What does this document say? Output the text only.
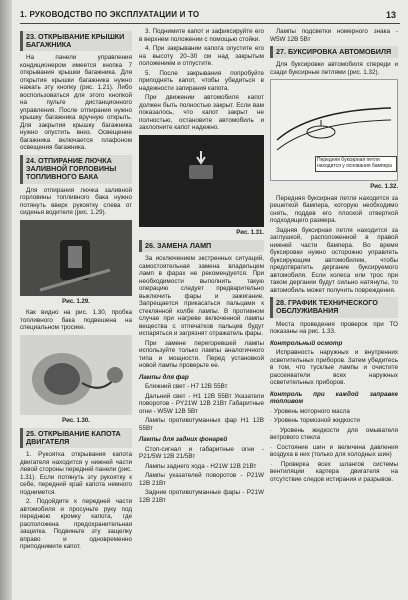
1. РУКОВОДСТВО ПО ЭКСПЛУАТАЦИИ И ТО	13
23. ОТКРЫВАНИЕ КРЫШКИ БАГАЖНИКА

На панели управления кондиционером имеется кнопка 7 открывания крышки багажника. Для открытия крышки багажника нужно нажать эту кнопку (рис. 1.21). Либо воспользоваться для этого кнопкой на пульте дистанционного управления. После отпирания нужно крышку багажника вручную открыть. Для закрытия крышку багажника нужно опустить вниз. Освещение багажника включается плафоном освещения багажника.

24. ОТПИРАНИЕ ЛЮЧКА ЗАЛИВНОЙ ГОРЛОВИНЫ ТОПЛИВНОГО БАКА

Для отпирания лючка заливной горловины топливного бака нужно потянуть вверх рукоятку слева от сиденья водителя (рис. 1.29).

Рис. 1.29.

Как видно на рис. 1.30, пробка топливного бака подвешена на специальном тросике.

Рис. 1.30.

25. ОТКРЫВАНИЕ КАПОТА ДВИГАТЕЛЯ

1. Рукоятка открывания капота двигателя находится у нижней части левой стороны передней панели (рис. 1.31). Если потянуть эту рукоятку к себе, передний край капота немного поднимется.

2. Подойдите к передней части автомобиля и просуньте руку под переднюю кромку капота, где расположена предохранительная защелка. Подвиньте эту защелку вправо и одновременно приподнимите капот.

3. Поднимите капот и зафиксируйте его в верхнем положении с помощью стойки.

4. При закрывании капота опустите его на высоту 20–30 см над закрытым положением и отпустите.

5. После закрывания попробуйте приподнять капот, чтобы убедиться в надежности запирания капота.

При движении автомобиля капот должен быть полностью закрыт. Если вам показалось, что капот закрыт не полностью, остановите автомобиль и захлопните капот надежно.

Рис. 1.31.

26. ЗАМЕНА ЛАМП

За исключением экстренных ситуаций, самостоятельная замена владельцем ламп в фарах не рекомендуется. При необходимости выполнить такую операцию следует предварительно выключить фары и зажигание. Запрещается прикасаться пальцами к стеклянной колбе лампы. В противном случае при нагреве включенной лампы вещества с отпечатков пальцев будут испаряться и загрязнят отражатель фары.

При замене перегоревшей лампы используйте только лампы аналогичного типа и мощности. Перед установкой новой лампы проверьте ее.

Лампы для фар

Ближний свет - H7 12В 55Вт

Дальний свет - H1 12В 55Вт Указатели поворотов - PY21W 12В 21Вт Габаритные огни - W5W 12В 5Вт

Лампы противотуманных фар H1 12В 55Вт

Лампы для задних фонарей

Стоп-сигнал и габаритные огни - P21/5W 12В 21/5Вт

Лампы заднего хода - H21W 12В 21Вт

Лампы указателей поворотов - P21W 12В 21Вт

Задние противотуманные фары - P21W 12В 21Вт

Лампы подсветки номерного знака - W5W 12В 5Вт

27. БУКСИРОВКА АВТОМОБИЛЯ

Для буксировки автомобиля спереди и сзади буксирные петлями (рис. 1.32).

Передняя буксирная петля находится у основания бампера

Рис. 1.32.

Передняя буксирная петля находится за решеткой бампера, которую необходимо снять, поддев его плоской отверткой подходящего размера.

Задняя буксирная петля находится за заглушкой, расположенной в правой нижней части бампера. Во время буксировки нужно осторожно управлять буксирующим автомобилем, чтобы предотвратить дергание буксируемого автомобиля. Если колеса или трос при таком дергании будут сильно натянуты, то автомобиль может получить повреждения.

28. ГРАФИК ТЕХНИЧЕСКОГО ОБСЛУЖИВАНИЯ

Места проведения проверок при ТО показаны на рис. 1.33.

Контрольный осмотр

Исправность наружных и внутренних осветительных приборов. Затем убедитесь в том, что тусклые лампы и очистите рассеиватели всех наружных осветительных приборов.

Контроль при каждой заправке топливом

· Уровень моторного масла

· Уровень тормозной жидкости

· Уровень жидкости для омывателя ветрового стекла

· Состояние шин и величина давления воздуха в них (только для холодных шин)

· Проверка всех шлангов системы вентиляции картера двигателя на отсутствие следов истирания и разрывов.
